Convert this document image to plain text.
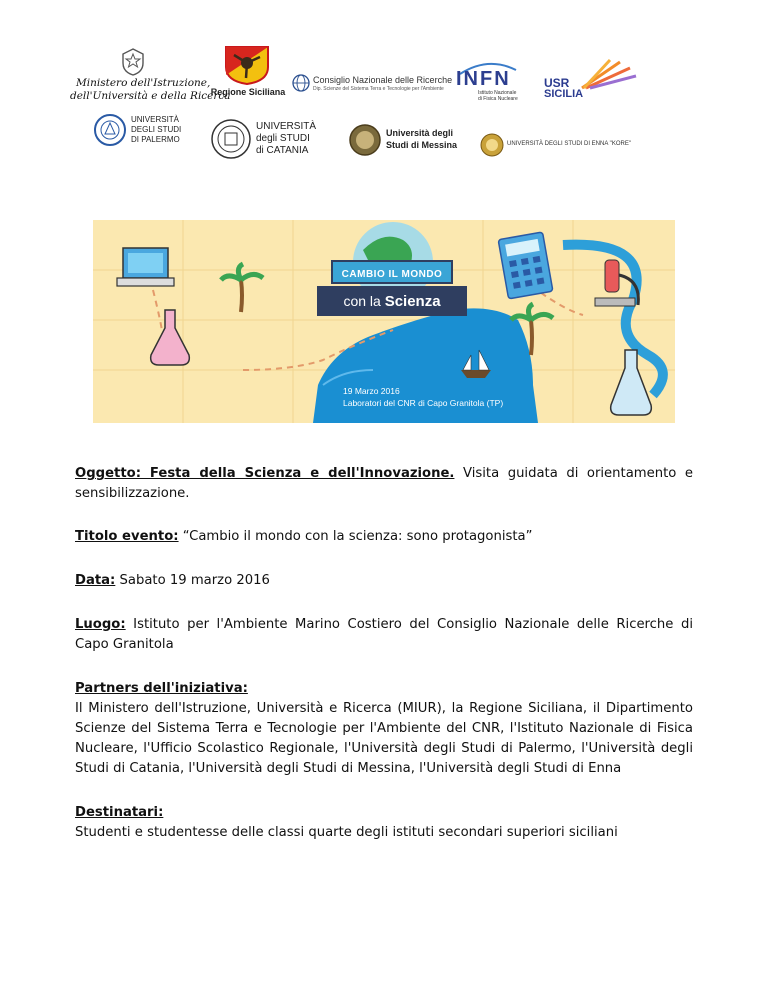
Ministero dell'Istruzione,
dell'Università e della Ricerca
Regione Siciliana
Consiglio Nazionale delle Ricerche
Dip. Scienze del Sistema Terra e Tecnologie per l'Ambiente INFN
Istituto Nazionale
di Fisica Nucleare
USR
SICILIA
UNIVERSITÀ
DEGLI STUDI
DI PALERMO
UNIVERSITÀ
degli STUDI
di CATANIA
Università degli
Studi di Messina	UNIVERSITÀ DEGLI STUDI DI ENNA "KORE"
CAMBIO IL MONDO
con la Scienza
19 Marzo 2016
Laboratori del CNR di Capo Granitola (TP)

Oggetto: Festa della Scienza e dell'Innovazione. Visita guidata di orientamento e sensibilizzazione.

Titolo evento: “Cambio il mondo con la scienza: sono protagonista”

Data: Sabato 19 marzo 2016

Luogo: Istituto per l'Ambiente Marino Costiero del Consiglio Nazionale delle Ricerche di Capo Granitola

Partners dell'iniziativa:

Il Ministero dell'Istruzione, Università e Ricerca (MIUR), la Regione Siciliana, il Dipartimento Scienze del Sistema Terra e Tecnologie per l'Ambiente del CNR, l'Istituto Nazionale di Fisica Nucleare, l'Ufficio Scolastico Regionale, l'Università degli Studi di Palermo, l'Università degli Studi di Catania, l'Università degli Studi di Messina, l'Università degli Studi di Enna

Destinatari:

Studenti e studentesse delle classi quarte degli istituti secondari superiori siciliani
